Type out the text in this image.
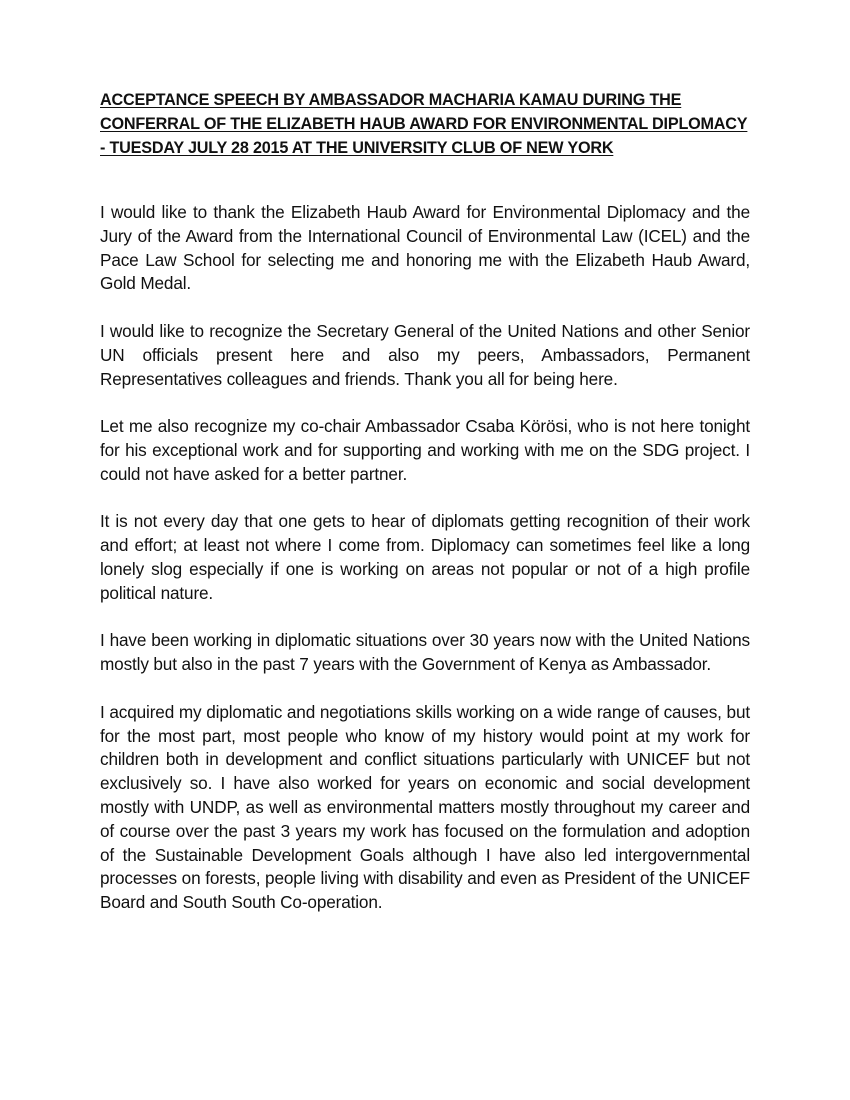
ACCEPTANCE SPEECH BY AMBASSADOR MACHARIA KAMAU DURING THE CONFERRAL OF THE ELIZABETH HAUB AWARD FOR ENVIRONMENTAL DIPLOMACY - TUESDAY JULY 28 2015 AT THE UNIVERSITY CLUB OF NEW YORK

I would like to thank the Elizabeth Haub Award for Environmental Diplomacy and the Jury of the Award from the International Council of Environmental Law (ICEL) and the Pace Law School for selecting me and honoring me with the Elizabeth Haub Award, Gold Medal.

I would like to recognize the Secretary General of the United Nations and other Senior UN officials present here and also my peers, Ambassadors, Permanent Representatives colleagues and friends. Thank you all for being here.

Let me also recognize my co-chair Ambassador Csaba Körösi, who is not here tonight for his exceptional work and for supporting and working with me on the SDG project. I could not have asked for a better partner.

It is not every day that one gets to hear of diplomats getting recognition of their work and effort; at least not where I come from. Diplomacy can sometimes feel like a long lonely slog especially if one is working on areas not popular or not of a high profile political nature.

I have been working in diplomatic situations over 30 years now with the United Nations mostly but also in the past 7 years with the Government of Kenya as Ambassador.

I acquired my diplomatic and negotiations skills working on a wide range of causes, but for the most part, most people who know of my history would point at my work for children both in development and conflict situations particularly with UNICEF but not exclusively so. I have also worked for years on economic and social development mostly with UNDP, as well as environmental matters mostly throughout my career and of course over the past 3 years my work has focused on the formulation and adoption of the Sustainable Development Goals although I have also led intergovernmental processes on forests, people living with disability and even as President of the UNICEF Board and South South Co-operation.
